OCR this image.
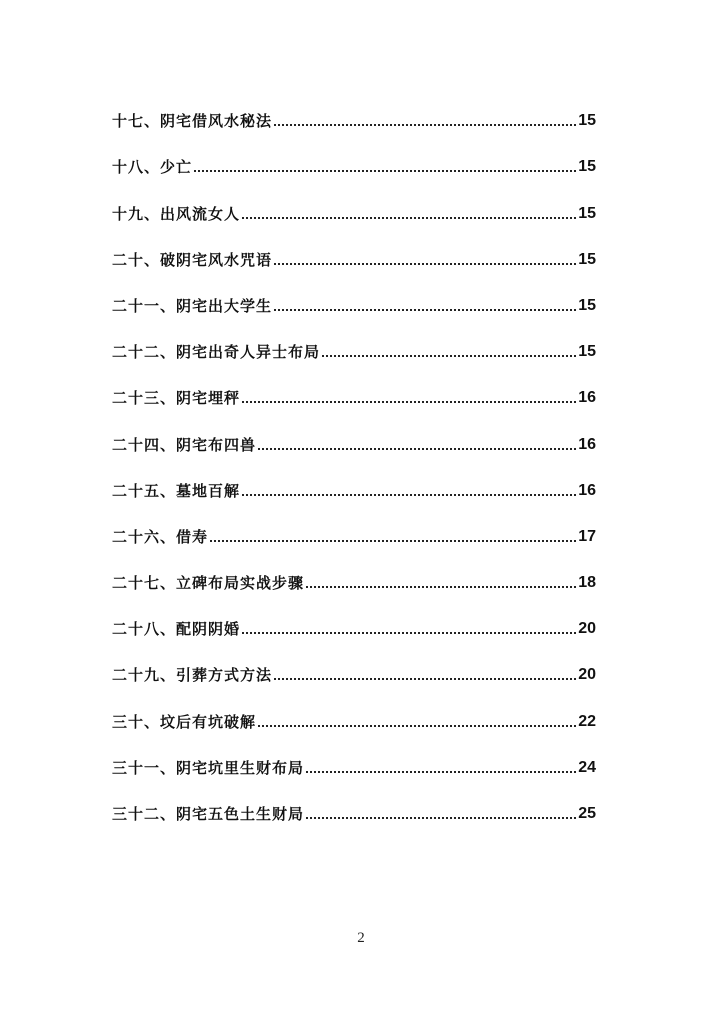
十七、 阴宅借风水秘法	15
十八、 少亡	15
十九、 出风流女人	15
二十、 破阴宅风水咒语	15
二十一、 阴宅出大学生	15
二十二、 阴宅出奇人异士布局	15
二十三、 阴宅埋秤	16
二十四、 阴宅布四兽	16
二十五、 墓地百解	16
二十六、 借寿	17
二十七、 立碑布局实战步骤	18
二十八、 配阴阴婚	20
二十九、 引葬方式方法	20
三十、 坟后有坑破解	22
三十一、 阴宅坑里生财布局	24
三十二、 阴宅五色土生财局	25
2
